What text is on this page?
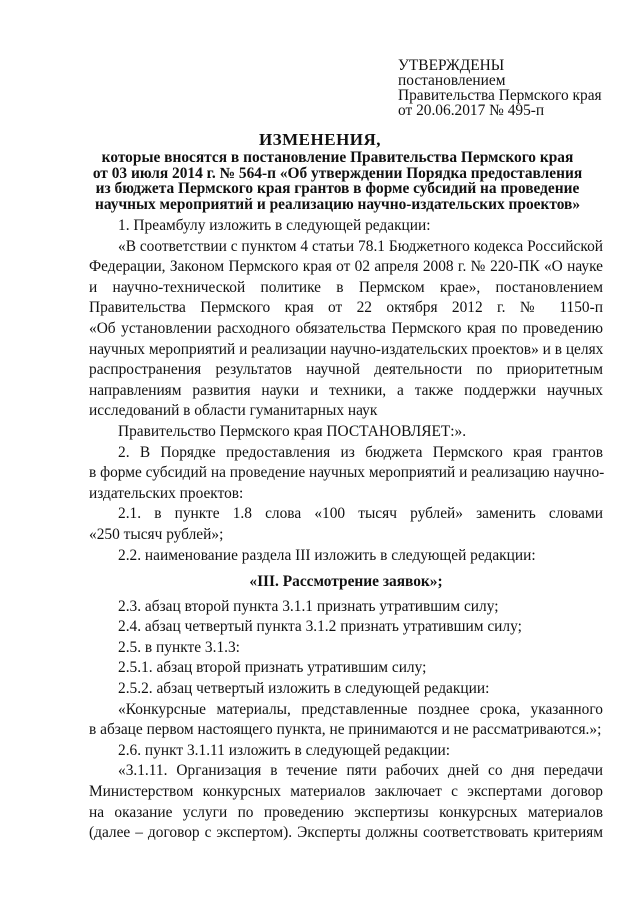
УТВЕРЖДЕНЫ
постановлением
Правительства Пермского края
от 20.06.2017 № 495-п
ИЗМЕНЕНИЯ,
которые вносятся в постановление Правительства Пермского края
от 03 июля 2014 г. № 564-п «Об утверждении Порядка предоставления
из бюджета Пермского края грантов в форме субсидий на проведение
научных мероприятий и реализацию научно-издательских проектов»

1. Преамбулу изложить в следующей редакции:

«В соответствии с пунктом 4 статьи 78.1 Бюджетного кодекса Российской

Федерации, Законом Пермского края от 02 апреля 2008 г. № 220-ПК «О науке

и научно-технической политике в Пермском крае», постановлением

Правительства Пермского края от 22 октября 2012 г. № 1150-п

«Об установлении расходного обязательства Пермского края по проведению

научных мероприятий и реализации научно-издательских проектов» и в целях

распространения результатов научной деятельности по приоритетным

направлениям развития науки и техники, а также поддержки научных

исследований в области гуманитарных наук

Правительство Пермского края ПОСТАНОВЛЯЕТ:».

2. В Порядке предоставления из бюджета Пермского края грантов

в форме субсидий на проведение научных мероприятий и реализацию научно-

издательских проектов:

2.1. в пункте 1.8 слова «100 тысяч рублей» заменить словами

«250 тысяч рублей»;

2.2. наименование раздела III изложить в следующей редакции:

«III. Рассмотрение заявок»;

2.3. абзац второй пункта 3.1.1 признать утратившим силу;

2.4. абзац четвертый пункта 3.1.2 признать утратившим силу;

2.5. в пункте 3.1.3:

2.5.1. абзац второй признать утратившим силу;

2.5.2. абзац четвертый изложить в следующей редакции:

«Конкурсные материалы, представленные позднее срока, указанного

в абзаце первом настоящего пункта, не принимаются и не рассматриваются.»;

2.6. пункт 3.1.11 изложить в следующей редакции:

«3.1.11. Организация в течение пяти рабочих дней со дня передачи

Министерством конкурсных материалов заключает с экспертами договор

на оказание услуги по проведению экспертизы конкурсных материалов

(далее – договор с экспертом). Эксперты должны соответствовать критериям
